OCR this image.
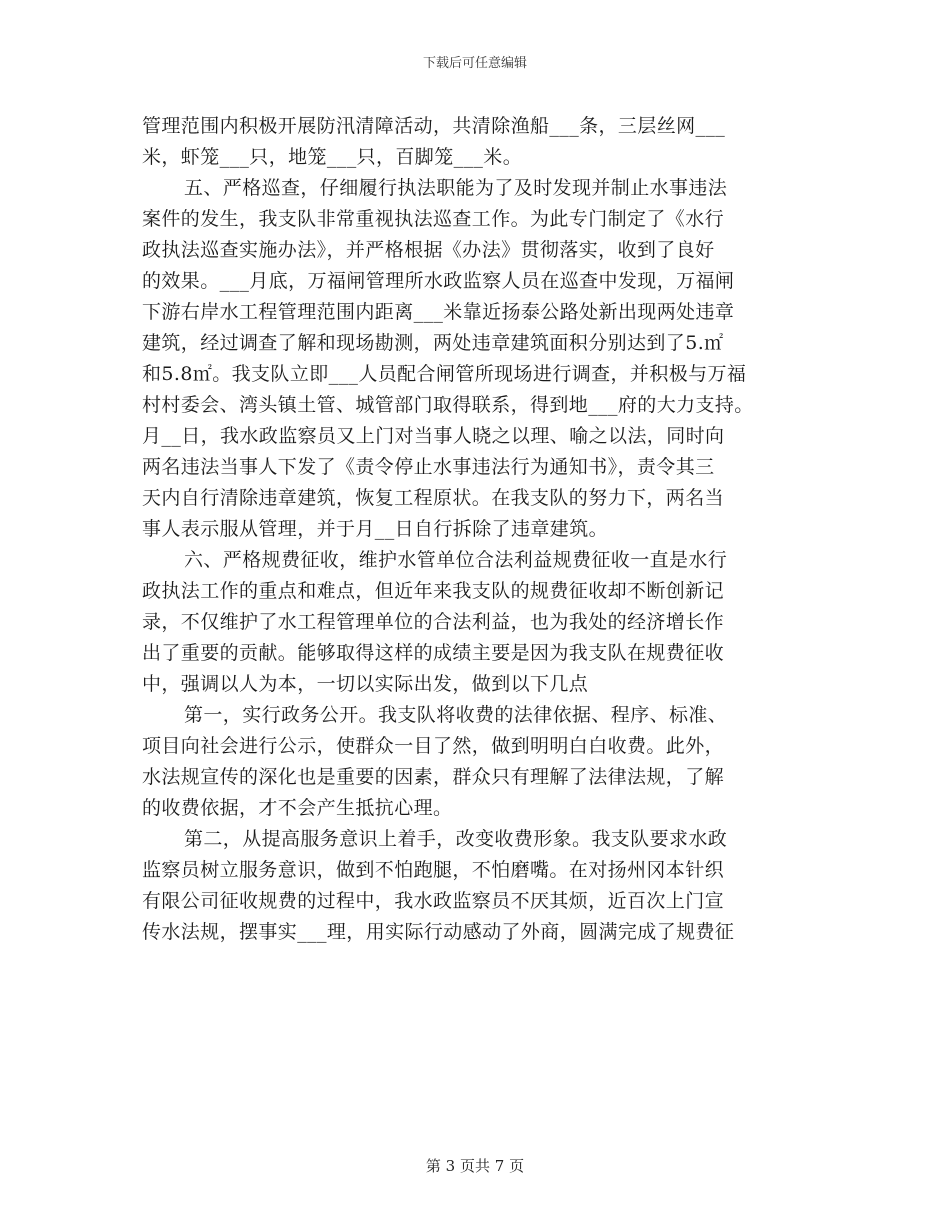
下载后可任意编辑
管理范围内积极开展防汛清障活动，共清除渔船___条，三层丝网___
米，虾笼___只，地笼___只，百脚笼___米。
五、严格巡查，仔细履行执法职能为了及时发现并制止水事违法
案件的发生，我支队非常重视执法巡查工作。为此专门制定了《水行
政执法巡查实施办法》，并严格根据《办法》贯彻落实，收到了良好
的效果。___月底，万福闸管理所水政监察人员在巡查中发现，万福闸
下游右岸水工程管理范围内距离___米靠近扬泰公路处新出现两处违章
建筑，经过调查了解和现场勘测，两处违章建筑面积分别达到了5.㎡
和5.8㎡。我支队立即___人员配合闸管所现场进行调查，并积极与万福
村村委会、湾头镇土管、城管部门取得联系，得到地___府的大力支持。
月__日，我水政监察员又上门对当事人晓之以理、喻之以法，同时向
两名违法当事人下发了《责令停止水事违法行为通知书》，责令其三
天内自行清除违章建筑，恢复工程原状。在我支队的努力下，两名当
事人表示服从管理，并于月__日自行拆除了违章建筑。
六、严格规费征收，维护水管单位合法利益规费征收一直是水行
政执法工作的重点和难点，但近年来我支队的规费征收却不断创新记
录，不仅维护了水工程管理单位的合法利益，也为我处的经济增长作
出了重要的贡献。能够取得这样的成绩主要是因为我支队在规费征收
中，强调以人为本，一切以实际出发，做到以下几点
第一，实行政务公开。我支队将收费的法律依据、程序、标准、
项目向社会进行公示，使群众一目了然，做到明明白白收费。此外，
水法规宣传的深化也是重要的因素，群众只有理解了法律法规，了解
的收费依据，才不会产生抵抗心理。
第二，从提高服务意识上着手，改变收费形象。我支队要求水政
监察员树立服务意识，做到不怕跑腿，不怕磨嘴。在对扬州冈本针织
有限公司征收规费的过程中，我水政监察员不厌其烦，近百次上门宣
传水法规，摆事实___理，用实际行动感动了外商，圆满完成了规费征
第 3 页共 7 页
